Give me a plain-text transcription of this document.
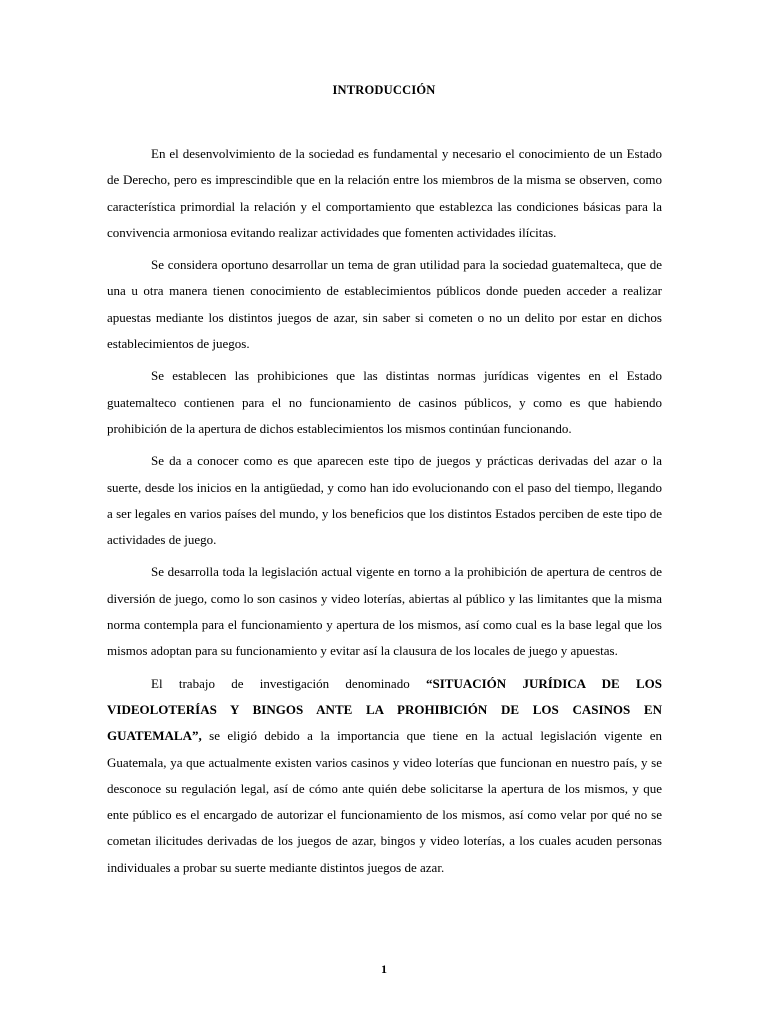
INTRODUCCIÓN

En el desenvolvimiento de la sociedad es fundamental y necesario el conocimiento de un Estado de Derecho, pero es imprescindible que en la relación entre los miembros de la misma se observen, como característica primordial la relación y el comportamiento que establezca las condiciones básicas para la convivencia armoniosa evitando realizar actividades que fomenten actividades ilícitas.

Se considera oportuno desarrollar un tema de gran utilidad para la sociedad guatemalteca, que de una u otra manera tienen conocimiento de establecimientos públicos donde pueden acceder a realizar apuestas mediante los distintos juegos de azar, sin saber si cometen o no un delito por estar en dichos establecimientos de juegos.

Se establecen las prohibiciones que las distintas normas jurídicas vigentes en el Estado guatemalteco contienen para el no funcionamiento de casinos públicos, y como es que habiendo prohibición de la apertura de dichos establecimientos los mismos continúan funcionando.

Se da a conocer como es que aparecen este tipo de juegos y prácticas derivadas del azar o la suerte, desde los inicios en la antigüedad, y como han ido evolucionando con el paso del tiempo, llegando a ser legales en varios países del mundo, y los beneficios que los distintos Estados perciben de este tipo de actividades de juego.

Se desarrolla toda la legislación actual vigente en torno a la prohibición de apertura de centros de diversión de juego, como lo son casinos y video loterías, abiertas al público y las limitantes que la misma norma contempla para el funcionamiento y apertura de los mismos, así como cual es la base legal que los mismos adoptan para su funcionamiento y evitar así la clausura de los locales de juego y apuestas.

El trabajo de investigación denominado “SITUACIÓN JURÍDICA DE LOS VIDEOLOTERÍAS Y BINGOS ANTE LA PROHIBICIÓN DE LOS CASINOS EN GUATEMALA”, se eligió debido a la importancia que tiene en la actual legislación vigente en Guatemala, ya que actualmente existen varios casinos y video loterías que funcionan en nuestro país, y se desconoce su regulación legal, así de cómo ante quién debe solicitarse la apertura de los mismos, y que ente público es el encargado de autorizar el funcionamiento de los mismos, así como velar por qué no se cometan ilicitudes derivadas de los juegos de azar, bingos y video loterías, a los cuales acuden personas individuales a probar su suerte mediante distintos juegos de azar.

1
